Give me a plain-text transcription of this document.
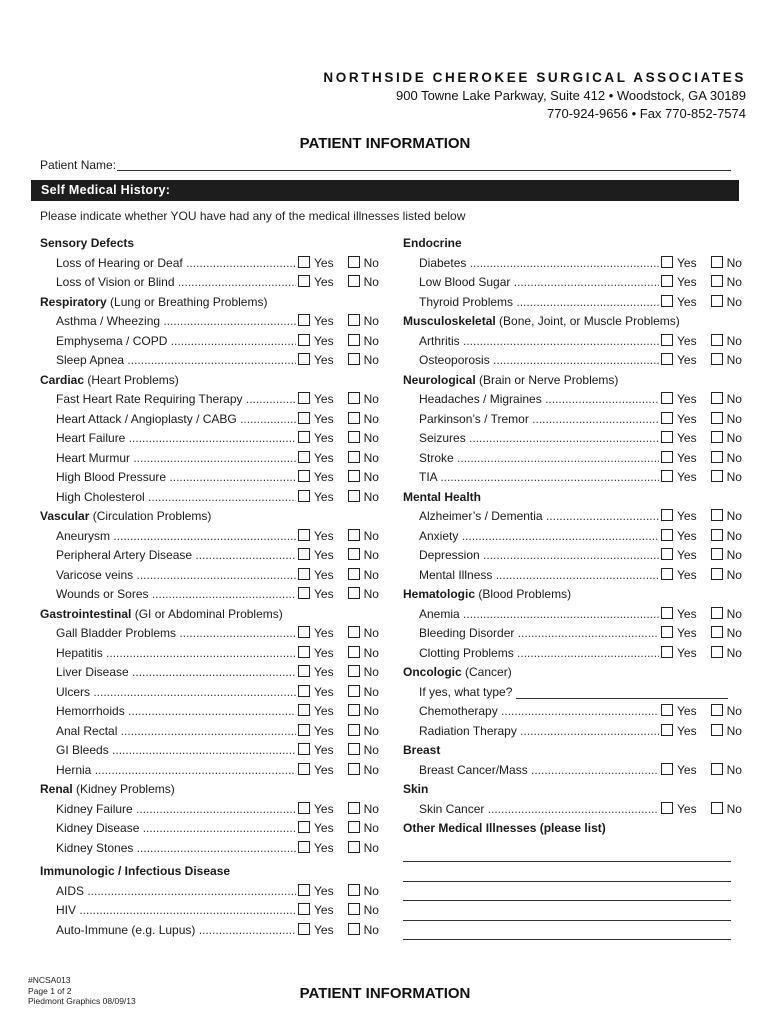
NORTHSIDE CHEROKEE SURGICAL ASSOCIATES
900 Towne Lake Parkway, Suite 412 • Woodstock, GA 30189
770-924-9656 • Fax 770-852-7574
PATIENT INFORMATION
Patient Name:
Self Medical History:
Please indicate whether YOU have had any of the medical illnesses listed below
Sensory Defects
Loss of Hearing or Deaf .....	Yes	No
Loss of Vision or Blind .....	Yes	No
Respiratory (Lung or Breathing Problems)
Asthma / Wheezing .....	Yes	No
Emphysema / COPD .....	Yes	No
Sleep Apnea .....	Yes	No
Cardiac (Heart Problems)
Fast Heart Rate Requiring Therapy .....	Yes	No
Heart Attack / Angioplasty / CABG .....	Yes	No
Heart Failure .....	Yes	No
Heart Murmur .....	Yes	No
High Blood Pressure .....	Yes	No
High Cholesterol .....	Yes	No
Vascular (Circulation Problems)
Aneurysm .....	Yes	No
Peripheral Artery Disease .....	Yes	No
Varicose veins .....	Yes	No
Wounds or Sores .....	Yes	No
Gastrointestinal (GI or Abdominal Problems)
Gall Bladder Problems .....	Yes	No
Hepatitis .....	Yes	No
Liver Disease .....	Yes	No
Ulcers .....	Yes	No
Hemorrhoids .....	Yes	No
Anal Rectal .....	Yes	No
GI Bleeds .....	Yes	No
Hernia .....	Yes	No
Renal (Kidney Problems)
Kidney Failure .....	Yes	No
Kidney Disease .....	Yes	No
Kidney Stones .....	Yes	No
Immunologic / Infectious Disease
AIDS .....	Yes	No
HIV .....	Yes	No
Auto-Immune (e.g. Lupus) .....	Yes	No
Endocrine
Diabetes .....	Yes	No
Low Blood Sugar .....	Yes	No
Thyroid Problems .....	Yes	No
Musculoskeletal (Bone, Joint, or Muscle Problems)
Arthritis .....	Yes	No
Osteoporosis .....	Yes	No
Neurological (Brain or Nerve Problems)
Headaches / Migraines .....	Yes	No
Parkinson’s / Tremor .....	Yes	No
Seizures .....	Yes	No
Stroke .....	Yes	No
TIA .....	Yes	No
Mental Health
Alzheimer’s / Dementia .....	Yes	No
Anxiety .....	Yes	No
Depression .....	Yes	No
Mental Illness .....	Yes	No
Hematologic (Blood Problems)
Anemia .....	Yes	No
Bleeding Disorder .....	Yes	No
Clotting Problems .....	Yes	No
Oncologic (Cancer)
If yes, what type?
Chemotherapy .....	Yes	No
Radiation Therapy .....	Yes	No
Breast
Breast Cancer/Mass .....	Yes	No
Skin
Skin Cancer .....	Yes	No
Other Medical Illnesses (please list)
#NCSA013
Page 1 of 2
Piedmont Graphics 08/09/13	PATIENT INFORMATION
